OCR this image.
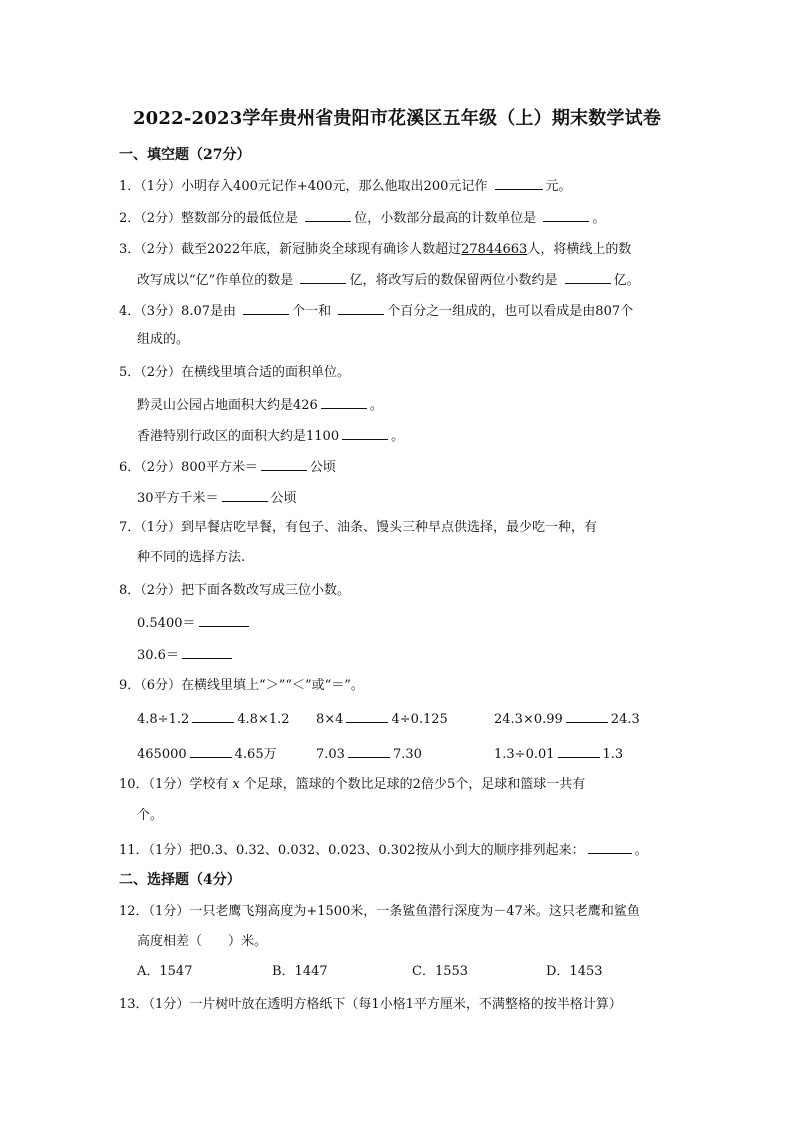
2022-2023学年贵州省贵阳市花溪区五年级（上）期末数学试卷
一、填空题（27分）
1．（1分）小明存入400元记作+400元，那么他取出200元记作	元。
2．（2分）整数部分的最低位是	位，小数部分最高的计数单位是	。
3．（2分）截至2022年底，新冠肺炎全球现有确诊人数超过27844663人，将横线上的数
改写成以“亿”作单位的数是	亿，将改写后的数保留两位小数约是	亿。
4．（3分）8.07是由	个一和	个百分之一组成的，也可以看成是由807个
组成的。
5．（2分）在横线里填合适的面积单位。
黔灵山公园占地面积大约是426	。
香港特别行政区的面积大约是1100	。
6．（2分）800平方米＝	公顷
30平方千米＝	公顷
7．（1分）到早餐店吃早餐，有包子、油条、馒头三种早点供选择，最少吃一种，有
种不同的选择方法.
8．（2分）把下面各数改写成三位小数。
0.5400＝
30.6＝
9．（6分）在横线里填上“＞”“＜”或“＝”。
4.8÷1.2	4.8×1.2 8×4	4÷0.125	24.3×0.99	24.3
465000	4.65万	7.03	7.30	1.3÷0.01	1.3
10．（1分）学校有 x 个足球，篮球的个数比足球的2倍少5个，足球和篮球一共有
个。
11．（1分）把0.3、0.32、0.032、0.023、0.302按从小到大的顺序排列起来：	。
二、选择题（4分）
12．（1分）一只老鹰飞翔高度为+1500米，一条鲨鱼潜行深度为－47米。这只老鹰和鲨鱼
高度相差（　　）米。
A．1547	B．1447	C．1553	D．1453
13．（1分）一片树叶放在透明方格纸下（每1小格1平方厘米，不满整格的按半格计算）
